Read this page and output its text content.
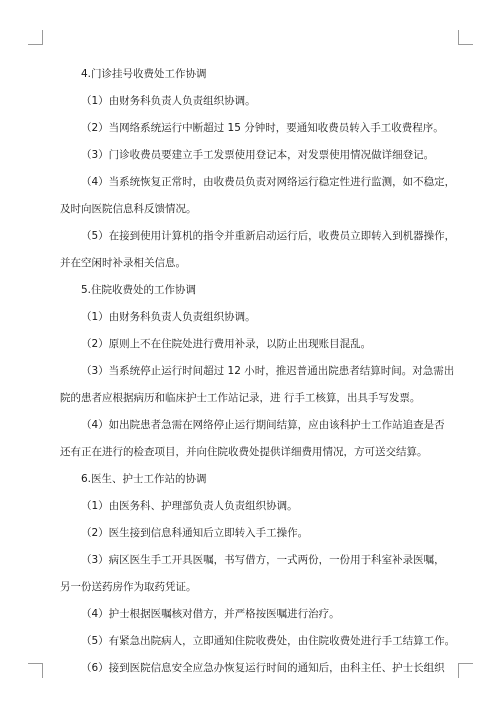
4.门诊挂号收费处工作协调
（1）由财务科负责人负责组织协调。
（2）当网络系统运行中断超过 15 分钟时，要通知收费员转入手工收费程序。
（3）门诊收费员要建立手工发票使用登记本，对发票使用情况做详细登记。
（4）当系统恢复正常时，由收费员负责对网络运行稳定性进行监测，如不稳定，
及时向医院信息科反馈情况。
（5）在接到使用计算机的指令并重新启动运行后，收费员立即转入到机器操作，
并在空闲时补录相关信息。
5.住院收费处的工作协调
（1）由财务科负责人负责组织协调。
（2）原则上不在住院处进行费用补录，以防止出现账目混乱。
（3）当系统停止运行时间超过 12 小时，推迟普通出院患者结算时间。对急需出
院的患者应根据病历和临床护士工作站记录，进 行手工核算，出具手写发票。
（4）如出院患者急需在网络停止运行期间结算，应由该科护士工作站追查是否
还有正在进行的检查项目，并向住院收费处提供详细费用情况，方可送交结算。
6.医生、护士工作站的协调
（1）由医务科、护理部负责人负责组织协调。
（2）医生接到信息科通知后立即转入手工操作。
（3）病区医生手工开具医嘱，书写借方，一式两份，一份用于科室补录医嘱，
另一份送药房作为取药凭证。
（4）护士根据医嘱核对借方，并严格按医嘱进行治疗。
（5）有紧急出院病人，立即通知住院收费处，由住院收费处进行手工结算工作。
（6）接到医院信息安全应急办恢复运行时间的通知后，由科主任、护士长组织
